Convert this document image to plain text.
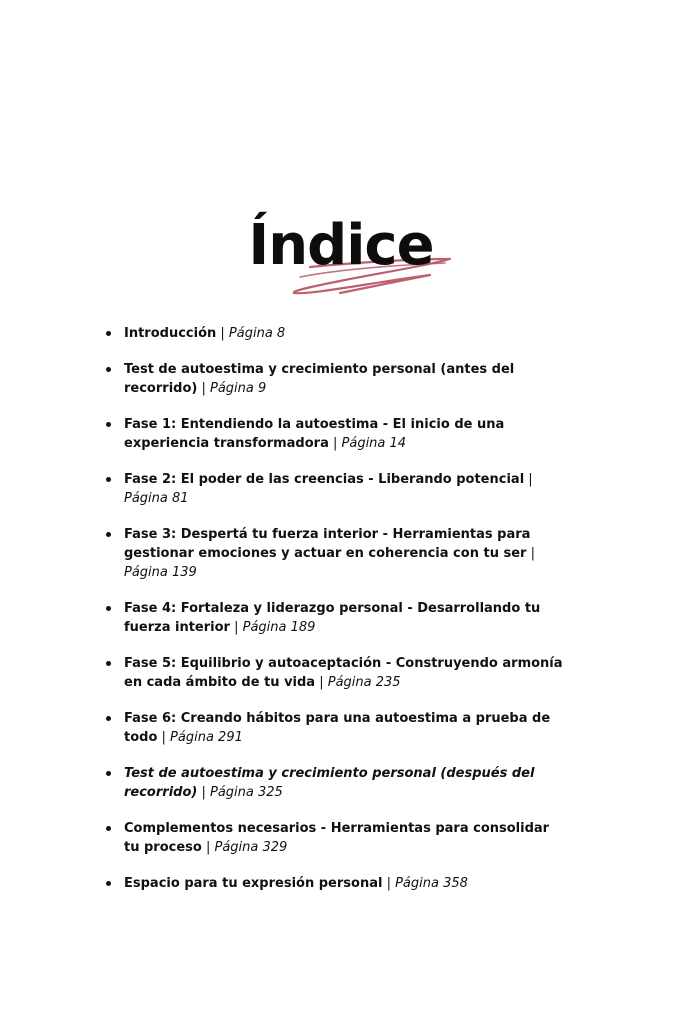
Índice
Introducción | Página 8
Test de autoestima y crecimiento personal (antes del recorrido) | Página 9
Fase 1: Entendiendo la autoestima - El inicio de una experiencia transformadora | Página 14
Fase 2: El poder de las creencias - Liberando potencial | Página 81
Fase 3: Despertá tu fuerza interior - Herramientas para gestionar emociones y actuar en coherencia con tu ser | Página 139
Fase 4: Fortaleza y liderazgo personal - Desarrollando tu fuerza interior | Página 189
Fase 5: Equilibrio y autoaceptación - Construyendo armonía en cada ámbito de tu vida | Página 235
Fase 6: Creando hábitos para una autoestima a prueba de todo | Página 291
Test de autoestima y crecimiento personal (después del recorrido) | Página 325
Complementos necesarios - Herramientas para consolidar tu proceso | Página 329
Espacio para tu expresión personal | Página 358
